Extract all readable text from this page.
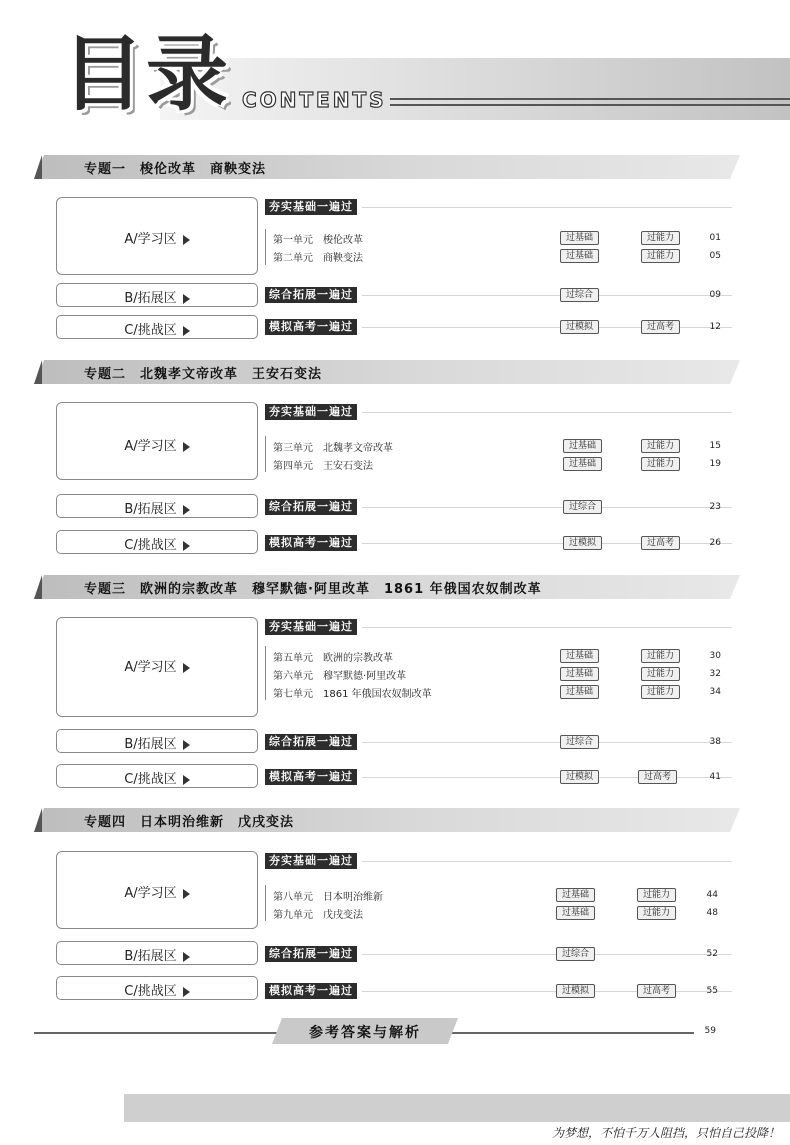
目录 CONTENTS
专题一　梭伦改革　商鞅变法
A/学习区
夯实基础一遍过
第一单元　梭伦改革	过基础	过能力	01
第二单元　商鞅变法	过基础	过能力	05
B/拓展区	综合拓展一遍过	过综合	09
C/挑战区	模拟高考一遍过	过模拟	过高考	12
专题二　北魏孝文帝改革　王安石变法
A/学习区
夯实基础一遍过
第三单元　北魏孝文帝改革	过基础	过能力	15
第四单元　王安石变法	过基础	过能力	19
B/拓展区	综合拓展一遍过	过综合	23
C/挑战区	模拟高考一遍过	过模拟	过高考	26
专题三　欧洲的宗教改革　穆罕默德·阿里改革　1861 年俄国农奴制改革
A/学习区
夯实基础一遍过
第五单元　欧洲的宗教改革	过基础	过能力	30
第六单元　穆罕默德·阿里改革	过基础	过能力	32
第七单元　1861 年俄国农奴制改革	过基础	过能力	34
B/拓展区	综合拓展一遍过	过综合	38
C/挑战区	模拟高考一遍过	过模拟	过高考	41
专题四　日本明治维新　戊戌变法
A/学习区
夯实基础一遍过
第八单元　日本明治维新	过基础	过能力	44
第九单元　戊戌变法	过基础	过能力	48
B/拓展区	综合拓展一遍过	过综合	52
C/挑战区	模拟高考一遍过	过模拟	过高考	55
参考答案与解析	59
为梦想，不怕千万人阻挡，只怕自己投降！
